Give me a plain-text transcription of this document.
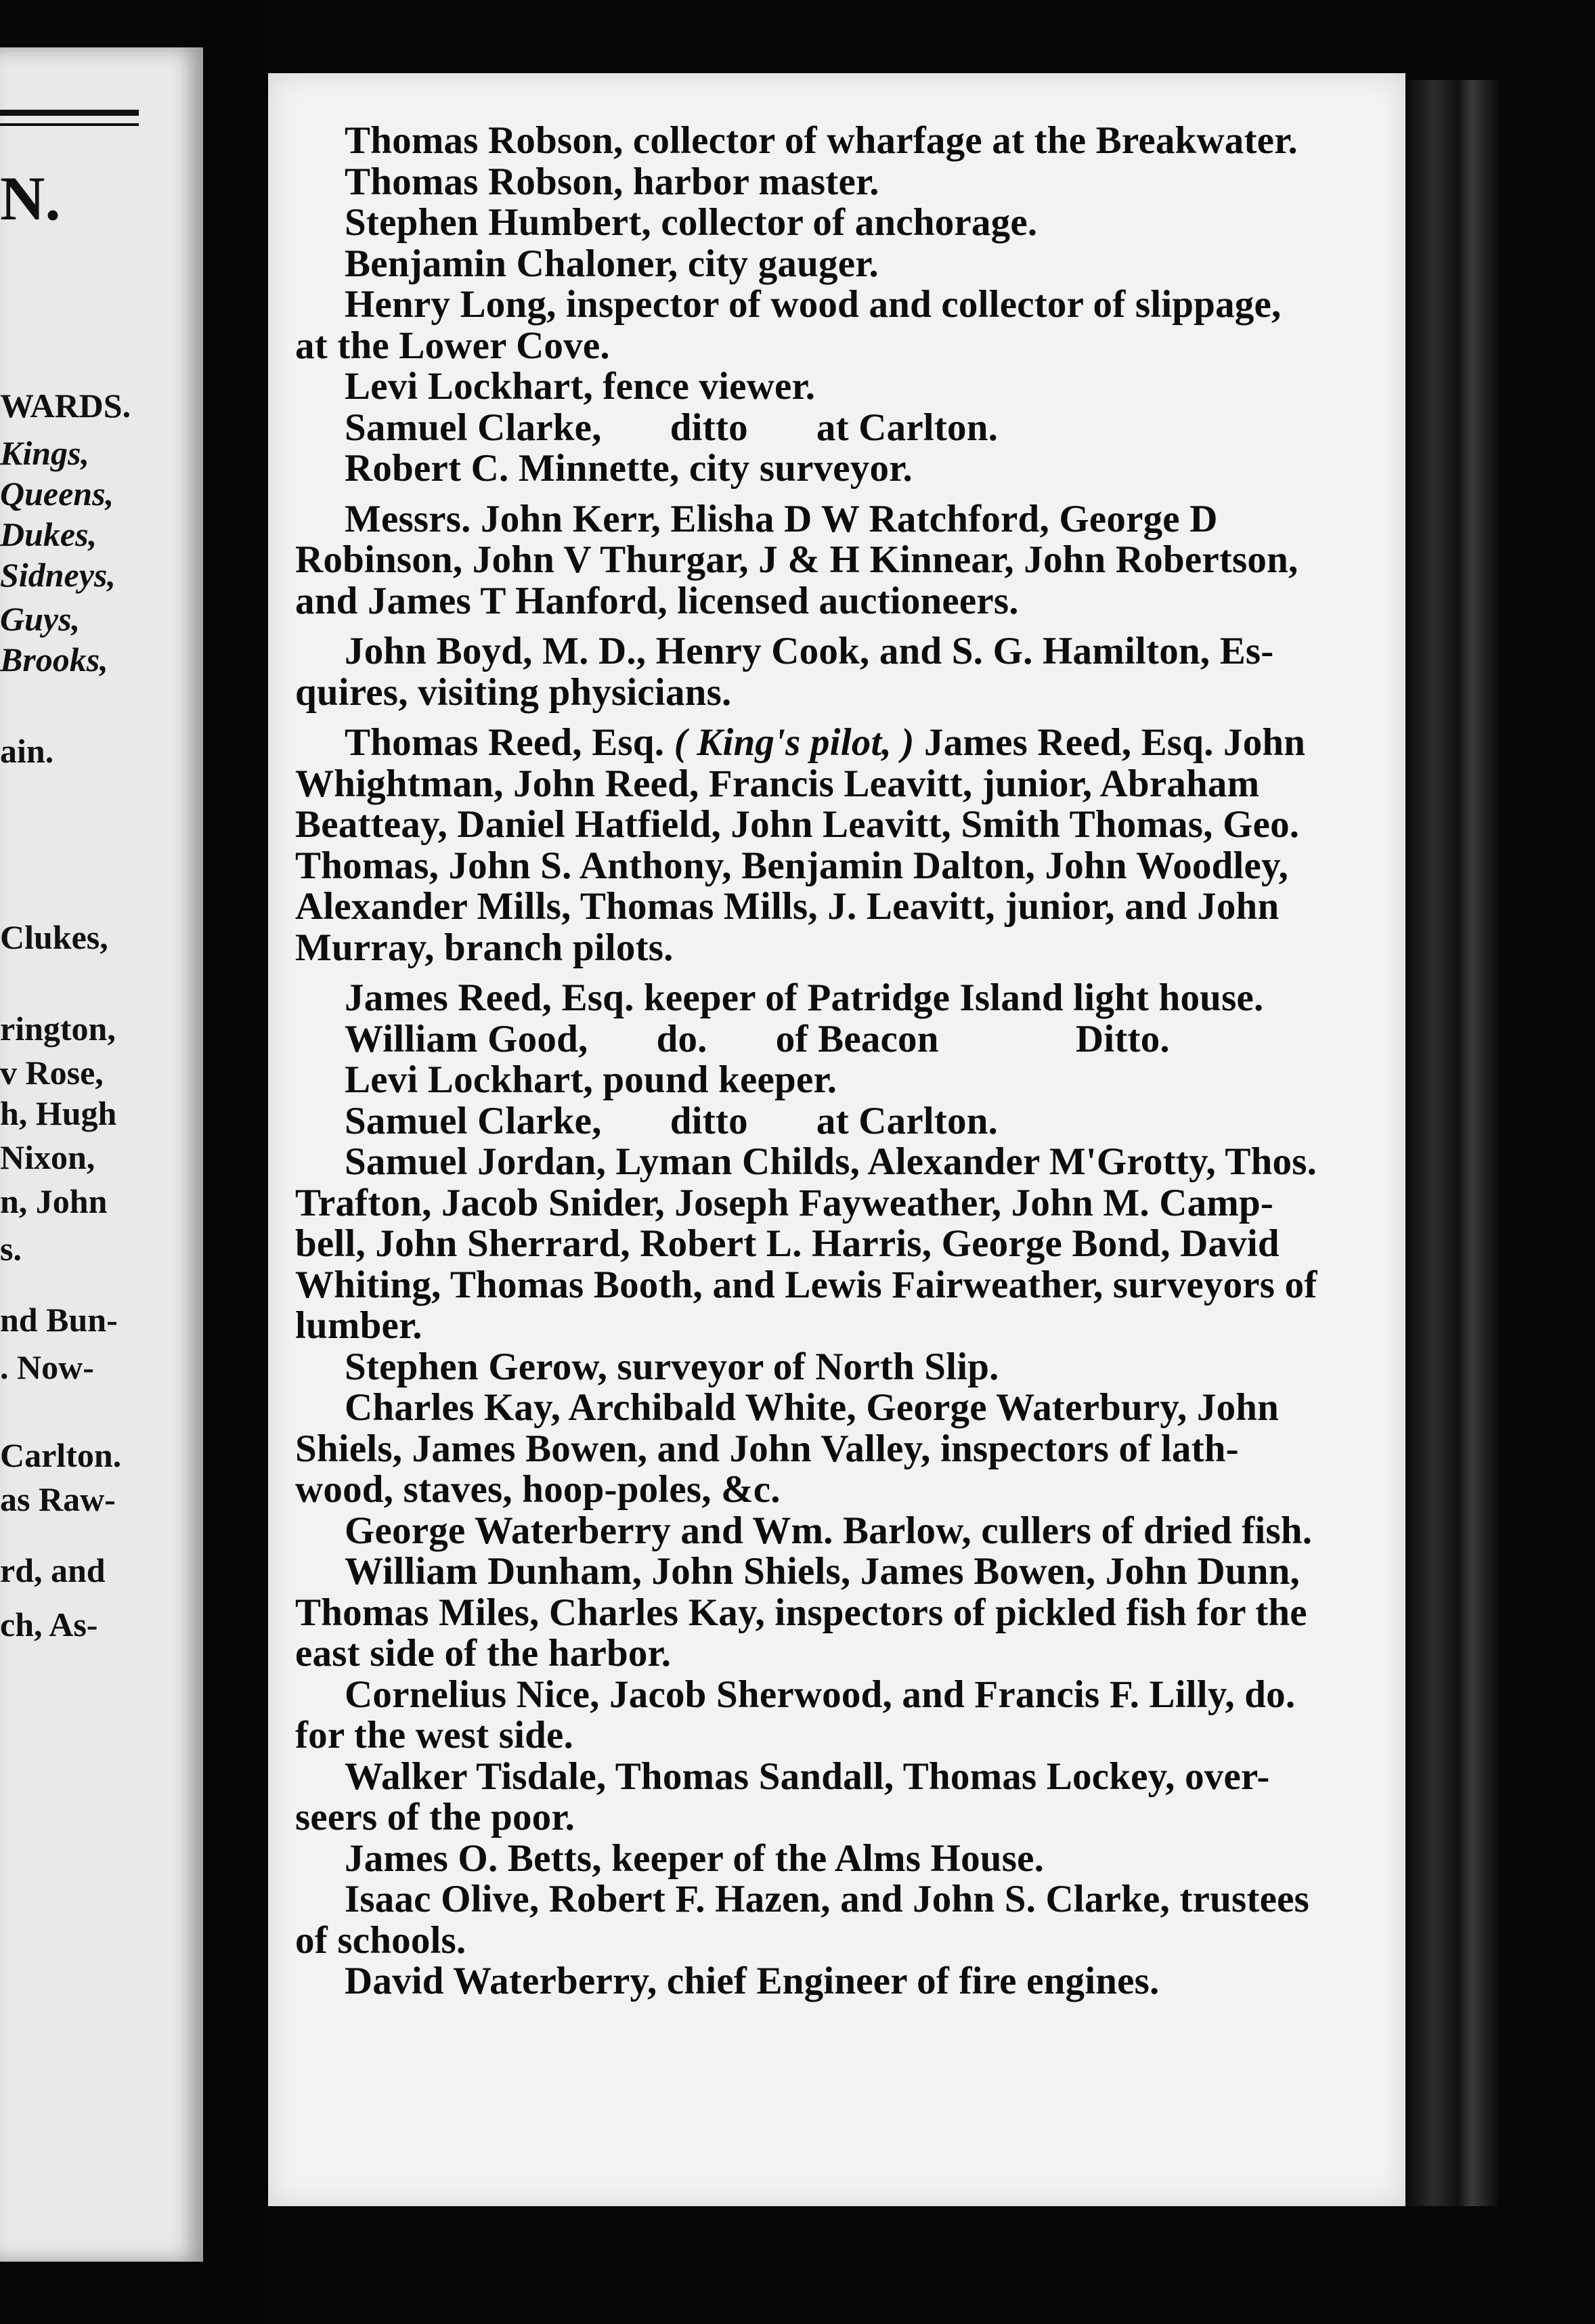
N.
WARDS.
Kings,
Queens,
Dukes,
Sidneys,
Guys,
Brooks,
ain.
Clukes,
rington,
v Rose,
h, Hugh
Nixon,
n, John
s.
nd Bun-
. Now-
Carlton.
as Raw-
rd, and
ch, As-
Thomas Robson, collector of wharfage at the Breakwater.
Thomas Robson, harbor master.
Stephen Humbert, collector of anchorage.
Benjamin Chaloner, city gauger.
Henry Long, inspector of wood and collector of slippage,
at the Lower Cove.
Levi Lockhart, fence viewer.
Samuel Clarke,       ditto       at Carlton.
Robert C. Minnette, city surveyor.
Messrs. John Kerr, Elisha D W Ratchford, George D
Robinson, John V Thurgar, J & H Kinnear, John Robertson,
and James T Hanford, licensed auctioneers.
John Boyd, M. D., Henry Cook, and S. G. Hamilton, Es-
quires, visiting physicians.
Thomas Reed, Esq. ( King's pilot, ) James Reed, Esq. John
Whightman, John Reed, Francis Leavitt, junior, Abraham
Beatteay, Daniel Hatfield, John Leavitt, Smith Thomas, Geo.
Thomas, John S. Anthony, Benjamin Dalton, John Woodley,
Alexander Mills, Thomas Mills, J. Leavitt, junior, and John
Murray, branch pilots.
James Reed, Esq. keeper of Patridge Island light house.
William Good,       do.       of Beacon              Ditto.
Levi Lockhart, pound keeper.
Samuel Clarke,       ditto       at Carlton.
Samuel Jordan, Lyman Childs, Alexander M'Grotty, Thos.
Trafton, Jacob Snider, Joseph Fayweather, John M. Camp-
bell, John Sherrard, Robert L. Harris, George Bond, David
Whiting, Thomas Booth, and Lewis Fairweather, surveyors of
lumber.
Stephen Gerow, surveyor of North Slip.
Charles Kay, Archibald White, George Waterbury, John
Shiels, James Bowen, and John Valley, inspectors of lath-
wood, staves, hoop-poles, &c.
George Waterberry and Wm. Barlow, cullers of dried fish.
William Dunham, John Shiels, James Bowen, John Dunn,
Thomas Miles, Charles Kay, inspectors of pickled fish for the
east side of the harbor.
Cornelius Nice, Jacob Sherwood, and Francis F. Lilly, do.
for the west side.
Walker Tisdale, Thomas Sandall, Thomas Lockey, over-
seers of the poor.
James O. Betts, keeper of the Alms House.
Isaac Olive, Robert F. Hazen, and John S. Clarke, trustees
of schools.
David Waterberry, chief Engineer of fire engines.
